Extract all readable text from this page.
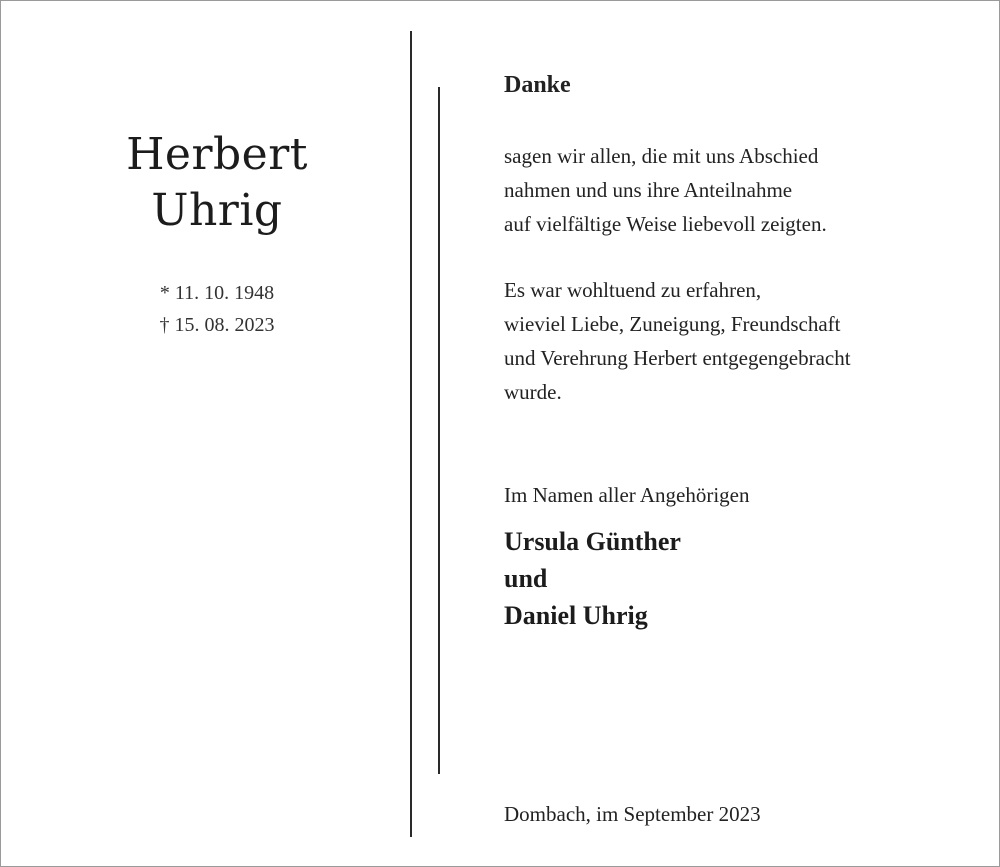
Herbert
Uhrig
* 11. 10. 1948
† 15. 08. 2023
Danke
sagen wir allen, die mit uns Abschied
nahmen und uns ihre Anteilnahme
auf vielfältige Weise liebevoll zeigten.
Es war wohltuend zu erfahren,
wieviel Liebe, Zuneigung, Freundschaft
und Verehrung Herbert entgegengebracht
wurde.
Im Namen aller Angehörigen
Ursula Günther
und
Daniel Uhrig
Dombach, im September 2023
